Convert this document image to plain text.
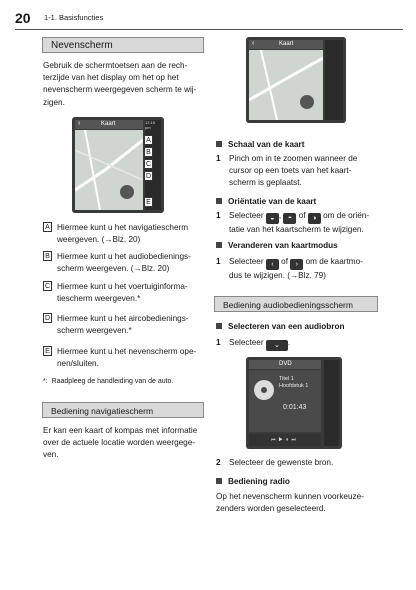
20 1-1. Basisfuncties
Nevenscherm
Gebruik de schermtoetsen aan de rech-
terzijde van het display om het op het
nevenscherm weergegeven scherm te wij-
zigen.
‹	Kaart	12:15 pm
A
B
C
D
E
A Hiermee kunt u het navigatiescherm
weergeven. (→Blz. 20)
B Hiermee kunt u het audiobedienings-
scherm weergeven. (→Blz. 20)
C Hiermee kunt u het voertuiginforma-
tiescherm weergeven.*
D Hiermee kunt u het aircobedienings-
scherm weergeven.*
E Hiermee kunt u het nevenscherm ope-
nen/sluiten.
*: Raadpleeg de handleiding van de auto.
Bediening navigatiescherm
Er kan een kaart of kompas met informatie
over de actuele locatie worden weergege-
ven.
‹	Kaart
Schaal van de kaart
1 Pinch om in te zoomen wanneer de
cursor op een toets van het kaart-
scherm is geplaatst.
Oriëntatie van de kaart
1 Selecteer ◒ , ◓ of ◑ om de oriën-
tatie van het kaartscherm te wijzigen.
Veranderen van kaartmodus
1 Selecteer ‹ of › om de kaartmo-
dus te wijzigen. (→Blz. 79)
Bediening audiobedieningsscherm
Selecteren van een audiobron
1 Selecteer ⌄ .
DVD
Titel 1
Hoofdstuk 1
0:01:43
⏮▶⏸⏭
2 Selecteer de gewenste bron.
Bediening radio
Op het nevenscherm kunnen voorkeuze-
zenders worden geselecteerd.
